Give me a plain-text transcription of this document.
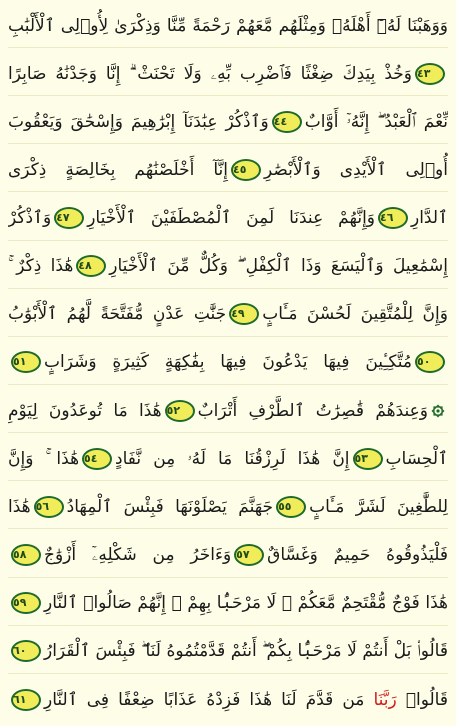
وَوَهَبْنَا لَهُۥٓ أَهْلَهُۥ وَمِثْلَهُم مَّعَهُمْ رَحْمَةً مِّنَّا وَذِكْرَىٰ لِأُو۟لِى ٱلْأَلْبَٰبِ
٤٣وَخُذْ بِيَدِكَ ضِغْثًا فَٱضْرِب بِّهِۦ وَلَا تَحْنَثْ ۗ إِنَّا وَجَدْنَٰهُ صَابِرًا
نِّعْمَ ٱلْعَبْدُ ۖ إِنَّهُۥٓ أَوَّابٌ٤٤وَٱذْكُرْ عِبَٰدَنَآ إِبْرَٰهِيمَ وَإِسْحَٰقَ وَيَعْقُوبَ
أُو۟لِى ٱلْأَيْدِى وَٱلْأَبْصَٰرِ٤٥إِنَّآ أَخْلَصْنَٰهُم بِخَالِصَةٍ ذِكْرَى
ٱلدَّارِ٤٦وَإِنَّهُمْ عِندَنَا لَمِنَ ٱلْمُصْطَفَيْنَ ٱلْأَخْيَارِ٤٧وَٱذْكُرْ
إِسْمَٰعِيلَ وَٱلْيَسَعَ وَذَا ٱلْكِفْلِ ۖ وَكُلٌّ مِّنَ ٱلْأَخْيَارِ٤٨هَٰذَا ذِكْرٌ ۚ
وَإِنَّ لِلْمُتَّقِينَ لَحُسْنَ مَـَٔابٍ٤٩جَنَّٰتِ عَدْنٍ مُّفَتَّحَةً لَّهُمُ ٱلْأَبْوَٰبُ
٥٠مُتَّكِـِٔينَ فِيهَا يَدْعُونَ فِيهَا بِفَٰكِهَةٍ كَثِيرَةٍ وَشَرَابٍ٥١
وَعِندَهُمْ قَٰصِرَٰتُ ٱلطَّرْفِ أَتْرَابٌ٥٢هَٰذَا مَا تُوعَدُونَ لِيَوْمِ
ٱلْحِسَابِ٥٣إِنَّ هَٰذَا لَرِزْقُنَا مَا لَهُۥ مِن نَّفَادٍ٥٤هَٰذَا ۚ وَإِنَّ
لِلطَّٰغِينَ لَشَرَّ مَـَٔابٍ٥٥جَهَنَّمَ يَصْلَوْنَهَا فَبِئْسَ ٱلْمِهَادُ٥٦هَٰذَا
فَلْيَذُوقُوهُ حَمِيمٌ وَغَسَّاقٌ٥٧وَءَاخَرُ مِن شَكْلِهِۦٓ أَزْوَٰجٌ٥٨
هَٰذَا فَوْجٌ مُّقْتَحِمٌ مَّعَكُمْ ۖ لَا مَرْحَبًۢا بِهِمْ ۚ إِنَّهُمْ صَالُوا۟ ٱلنَّارِ٥٩
قَالُوا۟ بَلْ أَنتُمْ لَا مَرْحَبًۢا بِكُمْ ۖ أَنتُمْ قَدَّمْتُمُوهُ لَنَا ۖ فَبِئْسَ ٱلْقَرَارُ٦٠
قَالُوا۟ رَبَّنَا مَن قَدَّمَ لَنَا هَٰذَا فَزِدْهُ عَذَابًا ضِعْفًا فِى ٱلنَّارِ٦١
